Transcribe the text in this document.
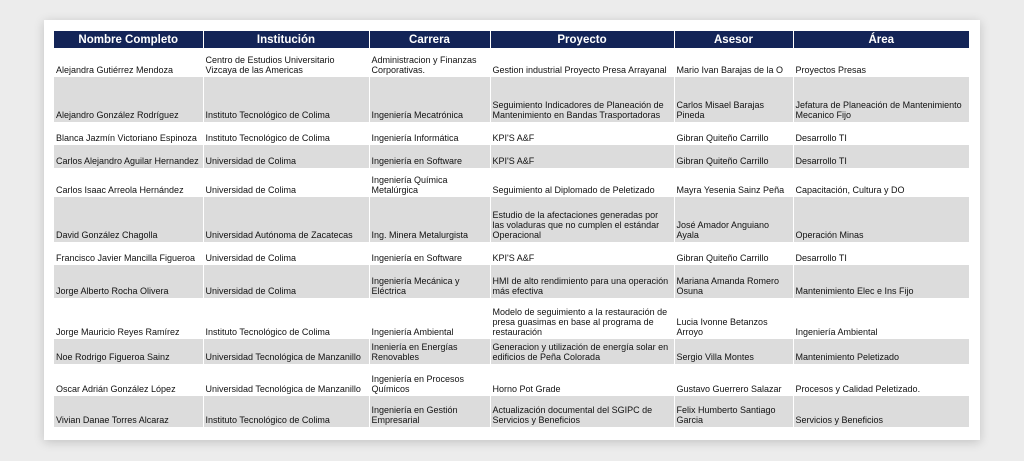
Nombre Completo	Institución	Carrera	Proyecto	Asesor	Área
Alejandra Gutiérrez Mendoza	Centro de Estudios Universitario Vizcaya de las Americas	Administracion y Finanzas Corporativas.	Gestion industrial Proyecto Presa Arrayanal	Mario Ivan Barajas de la O	Proyectos Presas
Alejandro González Rodríguez	Instituto Tecnológico de Colima	Ingeniería Mecatrónica	Seguimiento Indicadores de Planeación de Mantenimiento en Bandas Trasportadoras	Carlos Misael Barajas Pineda	Jefatura de Planeación de Mantenimiento Mecanico Fijo
Blanca Jazmín Victoriano Espinoza	Instituto Tecnológico de Colima	Ingeniería Informática	KPI'S A&F	Gibran Quiteño Carrillo	Desarrollo TI
Carlos Alejandro Aguilar Hernandez	Universidad de Colima	Ingeniería en Software	KPI'S A&F	Gibran Quiteño Carrillo	Desarrollo TI
Carlos Isaac Arreola Hernández	Universidad de Colima	Ingeniería Química Metalúrgica	Seguimiento al Diplomado de Peletizado	Mayra Yesenia Sainz Peña	Capacitación, Cultura y DO
David González Chagolla	Universidad Autónoma de Zacatecas	Ing. Minera Metalurgista	Estudio de la afectaciones generadas por las voladuras que no cumplen el estándar Operacional	José Amador Anguiano Ayala	Operación Minas
Francisco Javier Mancilla Figueroa	Universidad de Colima	Ingeniería en Software	KPI'S A&F	Gibran Quiteño Carrillo	Desarrollo TI
Jorge Alberto Rocha Olivera	Universidad de Colima	Ingeniería Mecánica y Eléctrica	HMI de alto rendimiento para una operación más efectiva	Mariana Amanda Romero Osuna	Mantenimiento Elec e Ins Fijo
Jorge Mauricio Reyes Ramírez	Instituto Tecnológico de Colima	Ingeniería Ambiental	Modelo de seguimiento a la restauración de presa guasimas en base al programa de restauración	Lucia Ivonne Betanzos Arroyo	Ingeniería Ambiental
Noe Rodrigo Figueroa Sainz	Universidad Tecnológica de Manzanillo	Ineniería en Energías Renovables	Generacion y utilización de energía solar en edificios de Peña Colorada	Sergio Villa Montes	Mantenimiento Peletizado
Oscar Adrián González López	Universidad Tecnológica de Manzanillo	Ingeniería en Procesos Químicos	Horno Pot Grade	Gustavo Guerrero Salazar	Procesos y Calidad Peletizado.
Vivian Danae Torres Alcaraz	Instituto Tecnológico de Colima	Ingeniería en Gestión Empresarial	Actualización documental del SGIPC de Servicios y Beneficios	Felix Humberto Santiago Garcia	Servicios y Beneficios
